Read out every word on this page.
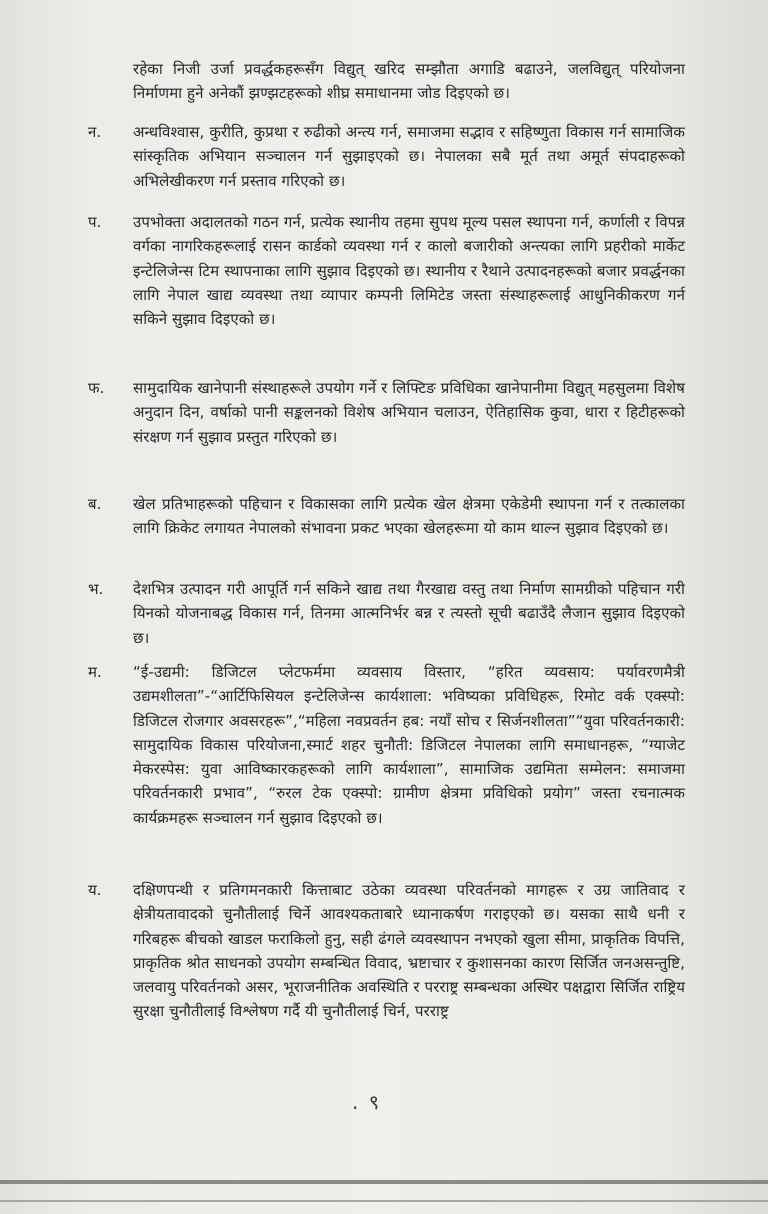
रहेका निजी उर्जा प्रवर्द्धकहरूसँग विद्युत् खरिद सम्झौता अगाडि बढाउने, जलविद्युत् परियोजना निर्माणमा हुने अनेकौं झण्झटहरूको शीघ्र समाधानमा जोड दिइएको छ।
न. अन्धविश्वास, कुरीति, कुप्रथा र रुढीको अन्त्य गर्न, समाजमा सद्भाव र सहिष्णुता विकास गर्न सामाजिक सांस्कृतिक अभियान सञ्चालन गर्न सुझाइएको छ। नेपालका सबै मूर्त तथा अमूर्त संपदाहरूको अभिलेखीकरण गर्न प्रस्ताव गरिएको छ।
प. उपभोक्ता अदालतको गठन गर्न, प्रत्येक स्थानीय तहमा सुपथ मूल्य पसल स्थापना गर्न, कर्णाली र विपन्न वर्गका नागरिकहरूलाई रासन कार्डको व्यवस्था गर्न र कालो बजारीको अन्त्यका लागि प्रहरीको मार्केट इन्टेलिजेन्स टिम स्थापनाका लागि सुझाव दिइएको छ। स्थानीय र रैथाने उत्पादनहरूको बजार प्रवर्द्धनका लागि नेपाल खाद्य व्यवस्था तथा व्यापार कम्पनी लिमिटेड जस्ता संस्थाहरूलाई आधुनिकीकरण गर्न सकिने सुझाव दिइएको छ।
फ. सामुदायिक खानेपानी संस्थाहरूले उपयोग गर्ने र लिफ्टिङ प्रविधिका खानेपानीमा विद्युत् महसुलमा विशेष अनुदान दिन, वर्षाको पानी सङ्कलनको विशेष अभियान चलाउन, ऐतिहासिक कुवा, धारा र हिटीहरूको संरक्षण गर्न सुझाव प्रस्तुत गरिएको छ।
ब. खेल प्रतिभाहरूको पहिचान र विकासका लागि प्रत्येक खेल क्षेत्रमा एकेडेमी स्थापना गर्न र तत्कालका लागि क्रिकेट लगायत नेपालको संभावना प्रकट भएका खेलहरूमा यो काम थाल्न सुझाव दिइएको छ।
भ. देशभित्र उत्पादन गरी आपूर्ति गर्न सकिने खाद्य तथा गैरखाद्य वस्तु तथा निर्माण सामग्रीको पहिचान गरी यिनको योजनाबद्ध विकास गर्न, तिनमा आत्मनिर्भर बन्न र त्यस्तो सूची बढाउँदै लैजान सुझाव दिइएको छ।
म. “ई-उद्यमी: डिजिटल प्लेटफर्ममा व्यवसाय विस्तार, “हरित व्यवसाय: पर्यावरणमैत्री उद्यमशीलता”-“आर्टिफिसियल इन्टेलिजेन्स कार्यशाला: भविष्यका प्रविधिहरू, रिमोट वर्क एक्स्पो: डिजिटल रोजगार अवसरहरू”,“महिला नवप्रवर्तन हब: नयाँ सोच र सिर्जनशीलता”“युवा परिवर्तनकारी: सामुदायिक विकास परियोजना,स्मार्ट शहर चुनौती: डिजिटल नेपालका लागि समाधानहरू, “ग्याजेट मेकरस्पेस: युवा आविष्कारकहरूको लागि कार्यशाला”, सामाजिक उद्यमिता सम्मेलन: समाजमा परिवर्तनकारी प्रभाव”, “रुरल टेक एक्स्पो: ग्रामीण क्षेत्रमा प्रविधिको प्रयोग” जस्ता रचनात्मक कार्यक्रमहरू सञ्चालन गर्न सुझाव दिइएको छ।
य. दक्षिणपन्थी र प्रतिगमनकारी कित्ताबाट उठेका व्यवस्था परिवर्तनको मागहरू र उग्र जातिवाद र क्षेत्रीयतावादको चुनौतीलाई चिर्ने आवश्यकताबारे ध्यानाकर्षण गराइएको छ। यसका साथै धनी र गरिबहरू बीचको खाडल फराकिलो हुनु, सही ढंगले व्यवस्थापन नभएको खुला सीमा, प्राकृतिक विपत्ति, प्राकृतिक श्रोत साधनको उपयोग सम्बन्धित विवाद, भ्रष्टाचार र कुशासनका कारण सिर्जित जनअसन्तुष्टि, जलवायु परिवर्तनको असर, भूराजनीतिक अवस्थिति र परराष्ट्र सम्बन्धका अस्थिर पक्षद्वारा सिर्जित राष्ट्रिय सुरक्षा चुनौतीलाई विश्लेषण गर्दै यी चुनौतीलाई चिर्न, परराष्ट्र
. ९
